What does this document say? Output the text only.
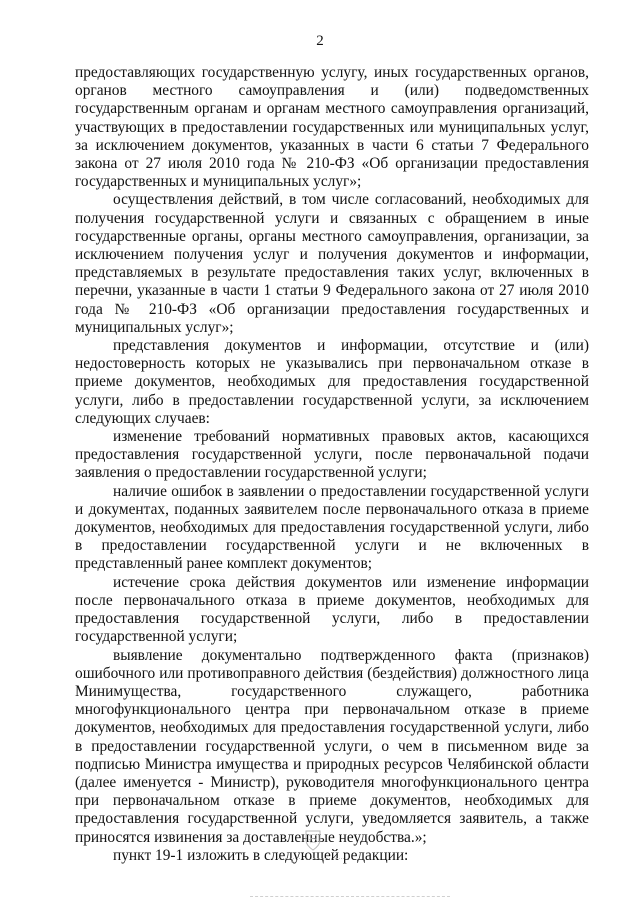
2

предоставляющих государственную услугу, иных государственных органов, органов местного самоуправления и (или) подведомственных государственным органам и органам местного самоуправления организаций, участвующих в предоставлении государственных или муниципальных услуг, за исключением документов, указанных в части 6 статьи 7 Федерального закона от 27 июля 2010 года № 210-ФЗ «Об организации предоставления государственных и муниципальных услуг»;

осуществления действий, в том числе согласований, необходимых для получения государственной услуги и связанных с обращением в иные государственные органы, органы местного самоуправления, организации, за исключением получения услуг и получения документов и информации, представляемых в результате предоставления таких услуг, включенных в перечни, указанные в части 1 статьи 9 Федерального закона от 27 июля 2010 года № 210-ФЗ «Об организации предоставления государственных и муниципальных услуг»;

представления документов и информации, отсутствие и (или) недостоверность которых не указывались при первоначальном отказе в приеме документов, необходимых для предоставления государственной услуги, либо в предоставлении государственной услуги, за исключением следующих случаев:

изменение требований нормативных правовых актов, касающихся предоставления государственной услуги, после первоначальной подачи заявления о предоставлении государственной услуги;

наличие ошибок в заявлении о предоставлении государственной услуги и документах, поданных заявителем после первоначального отказа в приеме документов, необходимых для предоставления государственной услуги, либо в предоставлении государственной услуги и не включенных в представленный ранее комплект документов;

истечение срока действия документов или изменение информации после первоначального отказа в приеме документов, необходимых для предоставления государственной услуги, либо в предоставлении государственной услуги;

выявление документально подтвержденного факта (признаков) ошибочного или противоправного действия (бездействия) должностного лица Минимущества, государственного служащего, работника многофункционального центра при первоначальном отказе в приеме документов, необходимых для предоставления государственной услуги, либо в предоставлении государственной услуги, о чем в письменном виде за подписью Министра имущества и природных ресурсов Челябинской области (далее именуется - Министр), руководителя многофункционального центра при первоначальном отказе в приеме документов, необходимых для предоставления государственной услуги, уведомляется заявитель, а также приносятся извинения за доставленные неудобства.»;

пункт 19-1 изложить в следующей редакции:
